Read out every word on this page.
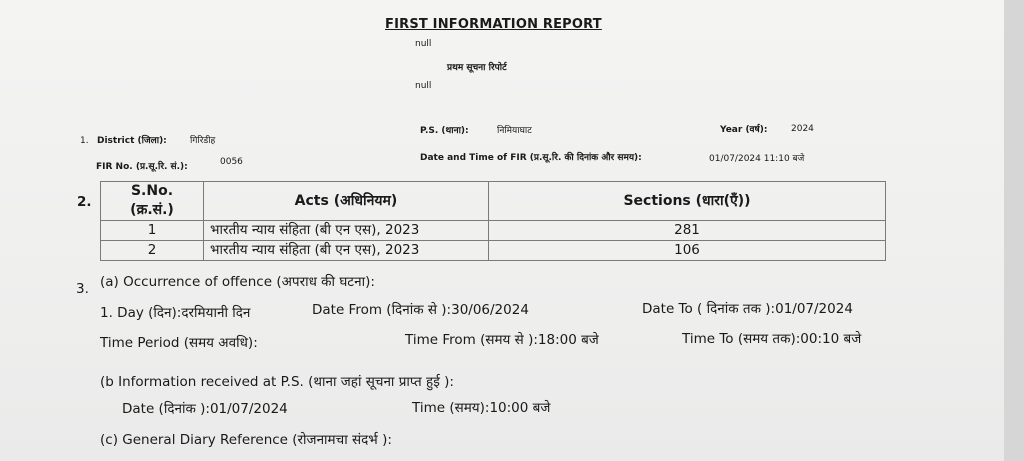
FIRST INFORMATION REPORT
null
प्रथम सूचना रिपोर्ट
null
1. District (जिला):	गिरिडीह
P.S. (थाना):	निमियाघाट	Year (वर्ष):	2024
FIR No. (प्र.सू.रि. सं.):	0056	Date and Time of FIR (प्र.सू.रि. की दिनांक और समय):	01/07/2024 11:10 बजे
2.
S.No. (क्र.सं.)	Acts (अधिनियम)	Sections (धारा(एँ))
1	भारतीय न्याय संहिता (बी एन एस), 2023	281
2	भारतीय न्याय संहिता (बी एन एस), 2023	106
3. (a) Occurrence of offence (अपराध की घटना):
1. Day (दिन):दरमियानी दिन	Date From (दिनांक से ):30/06/2024	Date To ( दिनांक तक ):01/07/2024
Time Period (समय अवधि):	Time From (समय से ):18:00 बजे	Time To (समय तक):00:10 बजे
(b Information received at P.S. (थाना जहां सूचना प्राप्त हुई ):
Date (दिनांक ):01/07/2024	Time (समय):10:00 बजे
(c) General Diary Reference (रोजनामचा संदर्भ ):
